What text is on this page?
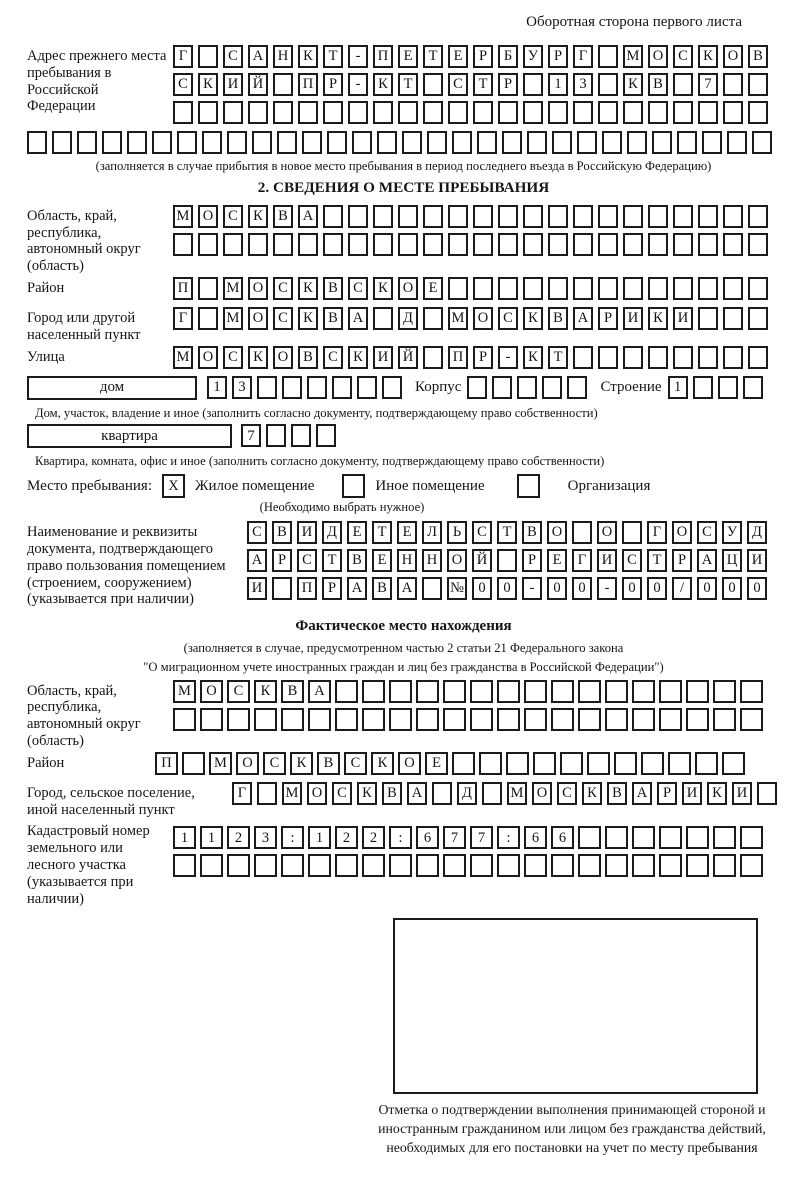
Оборотная сторона первого листа
Адрес прежнего места пребывания в Российской Федерации
Г	С	А	Н	К	Т	-	П	Е	Т	Е	Р	Б	У	Р	Г	М О	С	К	О	В
С	К	И	Й	П	Р	-	К	Т	С	Т	Р	1	3	К	В	7
(заполняется в случае прибытия в новое место пребывания в период последнего въезда в Российскую Федерацию)
2. СВЕДЕНИЯ О МЕСТЕ ПРЕБЫВАНИЯ
Область, край, республика, автономный округ (область)
М О	С	К	В	А
Район	П	М О	С	К	В	С	К	О	Е
Город или другой населенный пункт
Г	М О	С	К	В	А	Д	М О	С	К	В	А	Р	И	К	И
Улица	М О	С	К	О	В	С	К	И	Й	П	Р	-	К	Т
дом	1	3	Корпус	Строение 1
Дом, участок, владение и иное (заполнить согласно документу, подтверждающему право собственности)
квартира	7
Квартира, комната, офис и иное (заполнить согласно документу, подтверждающему право собственности)
Место пребывания:	X	Жилое помещение	Иное помещение	Организация
(Необходимо выбрать нужное)
Наименование и реквизиты документа, подтверждающего право пользования помещением (строением, сооружением) (указывается при наличии)
С	В	И	Д	Е	Т	Е	Л	Ь	С	Т	В	О	О	Г	О	С	У	Д
А	Р	С	Т	В	Е	Н	Н	О	Й	Р	Е	Г	И	С	Т	Р	А	Ц	И
И	П	Р	А	В	А	№ 0	0	-	0	0	-	0	0	/	0	0	0
Фактическое место нахождения
(заполняется в случае, предусмотренном частью 2 статьи 21 Федерального закона
"О миграционном учете иностранных граждан и лиц без гражданства в Российской Федерации")
Область, край, республика, автономный округ (область)
М	О	С	К	В	А
Район	П	М	О	С	К	В	С	К	О	Е
Город, сельское поселение, иной населенный пункт
Г	М О	С	К	В	А	Д	М О	С	К	В	А	Р	И	К	И
Кадастровый номер земельного или лесного участка (указывается при наличии)
1	1	2	3	:	1	2	2	:	6	7	7	:	6	6
Отметка о подтверждении выполнения принимающей стороной и иностранным гражданином или лицом без гражданства действий, необходимых для его постановки на учет по месту пребывания
